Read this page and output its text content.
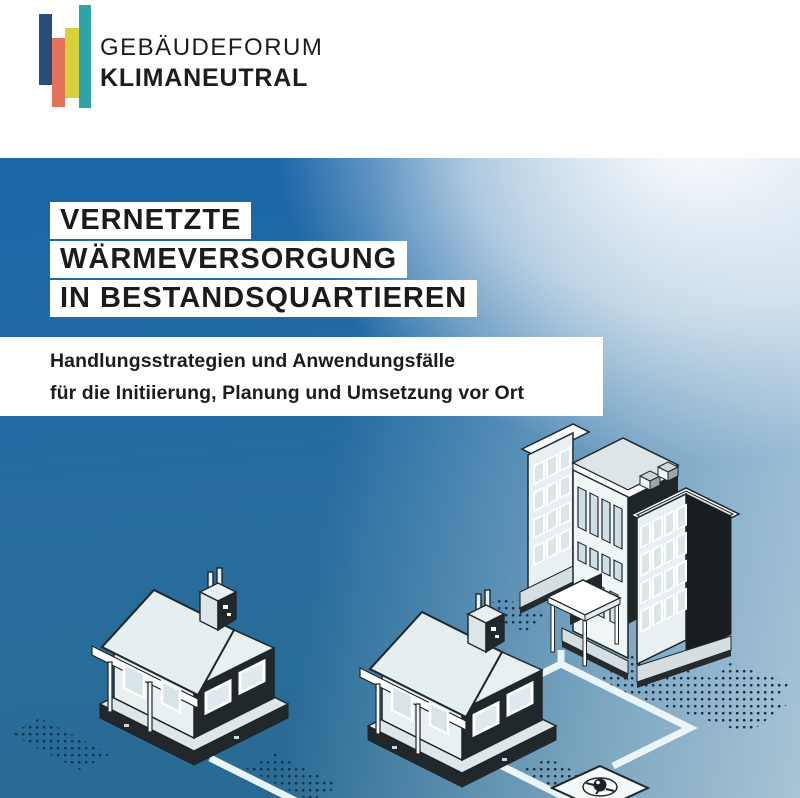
GEBÄUDEFORUM
KLIMANEUTRAL
VERNETZTE
WÄRMEVERSORGUNG
IN BESTANDSQUARTIEREN
Handlungsstrategien und Anwendungsfälle
für die Initiierung, Planung und Umsetzung vor Ort
